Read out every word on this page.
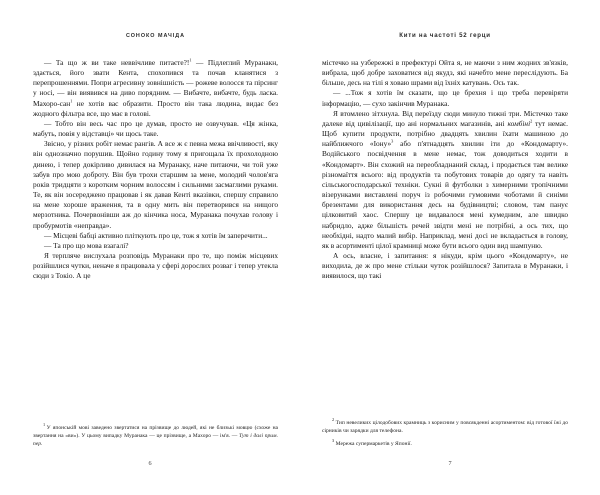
СОНОКО МАЧІДА

— Та що ж ви таке неввічливе питаєте?!$^1$ — Підлеглий Муранакн, здається, його звати Кента, спохопився та почав кланятися з перепрошеннями. Попри агресивну зовнішність — рожеве волосся та пірсинг у носі, — він виявився на диво порядним. — Вибачте, вибачте, будь ласка. Махоро-сан$^1$ не хотів вас образити. Просто він така людина, видає без жодного фільтра все, що має в голові.

— Тобто він весь час про це думав, просто не озвучував. «Ця жінка, мабуть, повія у відставці» чи щось таке.

Звісно, у різних робіт немає рангів. А все ж є певна межа ввічливості, яку він однозначно порушив. Щойно годину тому я пригощала їх прохолодною динею, і тепер докірливо дивилася на Муранаку, наче питаючи, чи той уже забув про мою доброту. Він був трохи старшим за мене, молодий чолов'яга років тридцяти з коротким чорним волоссям і сильними засмаглими руками. Те, як він зосереджено працював і як давав Кенті вказівки, спершу справило на мене хороше враження, та в одну мить він перетворився на нищого мерзотника. Почервонівши аж до кінчика носа, Муранака почухав голову і пробурмотів «неправда».

— Місцеві бабці активно пліткують про це, тож я хотів їм заперечити...

— Та про що мова взагалі?

Я терпляче вислухала розповідь Муранаки про те, що поміж місцевих розійшлися чутки, неначе я працювала у сфері дорослих розваг і тепер утекла сюди з Токіо. А це

$^1$У японській мові заведено звертатися на прізвище до людей, які не близькі мовцю (схоже на звертання на «ви»). У цьому випадку Муранака — це прізвище, а Махоро — ім'я. — Тут і далі прим. пер.

6
Кити на частоті 52 герци

містечко на узбережжі в префектурі Ойта я, не маючи з ним жодних зв'язків, вибрала, щоб добре заховатися від якудз, які начебто мене переслідують. Ба більше, десь на тілі я ховаю шрами від їхніх катувань. Ось так.

— ...Тож я хотів їм сказати, що це брехня і що треба перевіряти інформацію, — сухо закінчив Муранака.

Я втомлено зітхнула. Від переїзду сюди минуло тижні три. Містечко таке далеке від цивілізації, що ані нормальних магазинів, ані комбіні$^2$ тут немає. Щоб купити продукти, потрібно двадцять хвилин їхати машиною до найближчого «Іону»$^3$ або п'ятнадцять хвилин іти до «Кондомарту». Водійського посвідчення в мене немає, тож доводиться ходити в «Кондомарт». Він схожий на переобладнаний склад, і продається там велике різномаїття всього: від продуктів та побутових товарів до одягу та навіть сільськогосподарської техніки. Сукні й футболки з химерними тропічними візерунками виставлені поруч із робочими гумовими чоботами й синіми брезентами для використання десь на будівництві; словом, там панує цілковитий хаос. Спершу це видавалося мені кумедним, але швидко набридло, адже більшість речей звідти мені не потрібні, а ось тих, що необхідні, надто малий вибір. Наприклад, мені досі не вкладається в голову, як в асортименті цілої крамниці може бути всього один вид шампуню.

А ось, власне, і запитання: я нікуди, крім цього «Кондомарту», не виходила, де ж про мене стільки чуток розійшлося? Запитала в Муранаки, і виявилося, що такі

$^2$Тип невеликих цілодобових крамниць з корисним у повсякденні асортиментом: від готової їжі до сірників чи зарядки для телефона.

$^3$Мережа супермаркетів у Японії.

7
